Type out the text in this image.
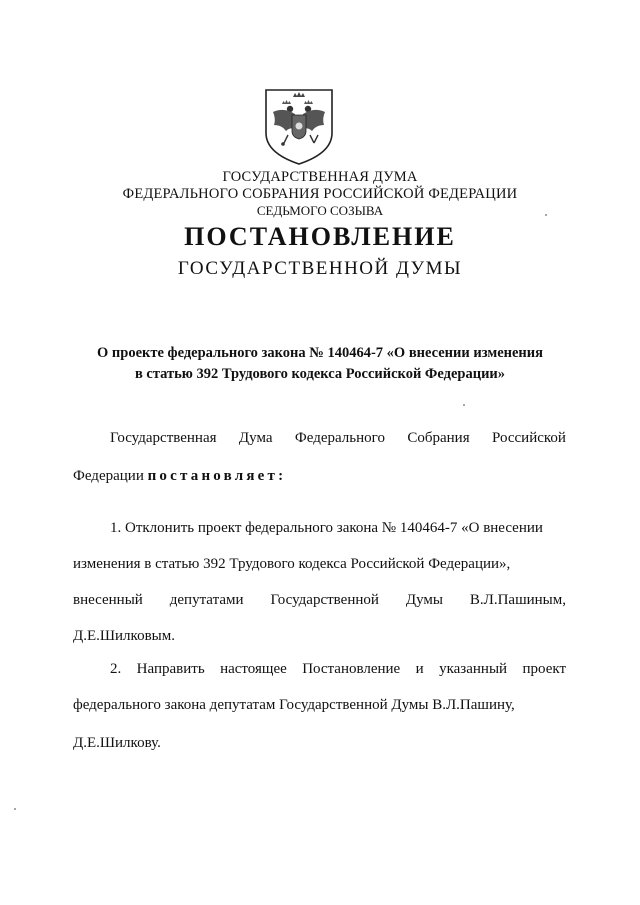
ГОСУДАРСТВЕННАЯ ДУМА
ФЕДЕРАЛЬНОГО СОБРАНИЯ РОССИЙСКОЙ ФЕДЕРАЦИИ
СЕДЬМОГО СОЗЫВА
ПОСТАНОВЛЕНИЕ
ГОСУДАРСТВЕННОЙ ДУМЫ
О проекте федерального закона № 140464-7 «О внесении изменения
в статью 392 Трудового кодекса Российской Федерации»
Государственная Дума Федерального Собрания Российской
Федерации постановляет:
1. Отклонить проект федерального закона № 140464-7 «О внесении
изменения в статью 392 Трудового кодекса Российской Федерации»,
внесенный депутатами Государственной Думы В.Л.Пашиным,
Д.Е.Шилковым.
2. Направить настоящее Постановление и указанный проект
федерального закона депутатам Государственной Думы В.Л.Пашину,
Д.Е.Шилкову.
